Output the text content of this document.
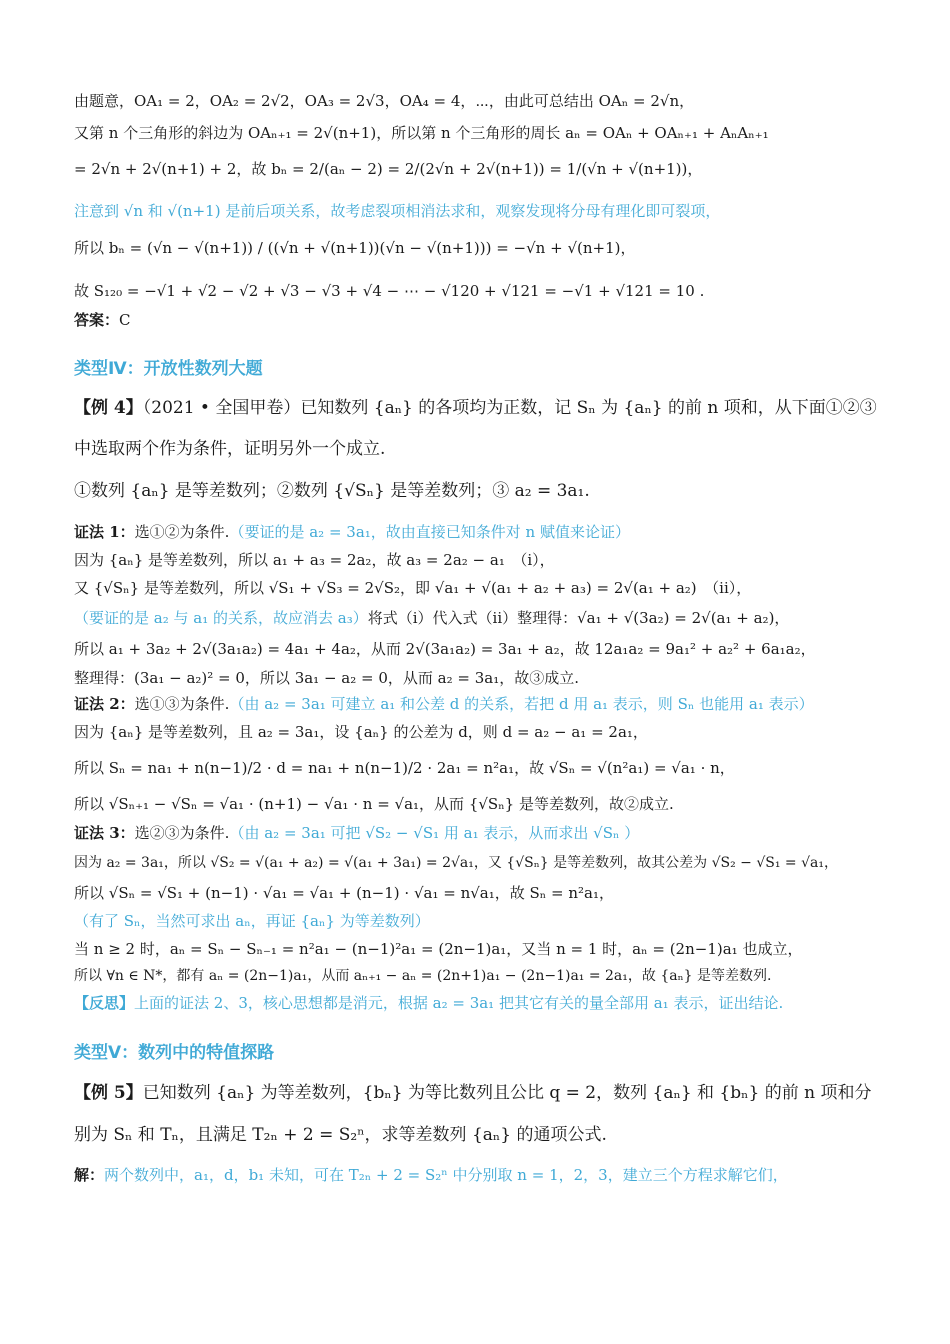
由题意，OA₁ = 2，OA₂ = 2√2，OA₃ = 2√3，OA₄ = 4，⋯，由此可总结出 OAₙ = 2√n，
又第 n 个三角形的斜边为 OAₙ₊₁ = 2√(n+1)，所以第 n 个三角形的周长 aₙ = OAₙ + OAₙ₊₁ + AₙAₙ₊₁
= 2√n + 2√(n+1) + 2，故 bₙ = 2/(aₙ − 2) = 2/(2√n + 2√(n+1)) = 1/(√n + √(n+1))，
注意到 √n 和 √(n+1) 是前后项关系，故考虑裂项相消法求和，观察发现将分母有理化即可裂项，
所以 bₙ = (√n − √(n+1)) / ((√n + √(n+1))(√n − √(n+1))) = −√n + √(n+1)，
故 S₁₂₀ = −√1 + √2 − √2 + √3 − √3 + √4 − ⋯ − √120 + √121 = −√1 + √121 = 10 .
答案：C
类型Ⅳ：开放性数列大题
【例 4】（2021 • 全国甲卷）已知数列 {aₙ} 的各项均为正数，记 Sₙ 为 {aₙ} 的前 n 项和，从下面①②③
中选取两个作为条件，证明另外一个成立.
①数列 {aₙ} 是等差数列；②数列 {√Sₙ} 是等差数列；③ a₂ = 3a₁.
证法 1：选①②为条件.（要证的是 a₂ = 3a₁，故由直接已知条件对 n 赋值来论证）
因为 {aₙ} 是等差数列，所以 a₁ + a₃ = 2a₂，故 a₃ = 2a₂ − a₁　（i），
又 {√Sₙ} 是等差数列，所以 √S₁ + √S₃ = 2√S₂，即 √a₁ + √(a₁ + a₂ + a₃) = 2√(a₁ + a₂)　（ii），
（要证的是 a₂ 与 a₁ 的关系，故应消去 a₃）将式（i）代入式（ii）整理得：√a₁ + √(3a₂) = 2√(a₁ + a₂)，
所以 a₁ + 3a₂ + 2√(3a₁a₂) = 4a₁ + 4a₂，从而 2√(3a₁a₂) = 3a₁ + a₂，故 12a₁a₂ = 9a₁² + a₂² + 6a₁a₂，
整理得：(3a₁ − a₂)² = 0，所以 3a₁ − a₂ = 0，从而 a₂ = 3a₁，故③成立.
证法 2：选①③为条件.（由 a₂ = 3a₁ 可建立 a₁ 和公差 d 的关系，若把 d 用 a₁ 表示，则 Sₙ 也能用 a₁ 表示）
因为 {aₙ} 是等差数列，且 a₂ = 3a₁，设 {aₙ} 的公差为 d，则 d = a₂ − a₁ = 2a₁，
所以 Sₙ = na₁ + n(n−1)/2 · d = na₁ + n(n−1)/2 · 2a₁ = n²a₁，故 √Sₙ = √(n²a₁) = √a₁ · n，
所以 √Sₙ₊₁ − √Sₙ = √a₁ · (n+1) − √a₁ · n = √a₁，从而 {√Sₙ} 是等差数列，故②成立.
证法 3：选②③为条件.（由 a₂ = 3a₁ 可把 √S₂ − √S₁ 用 a₁ 表示，从而求出 √Sₙ ）
因为 a₂ = 3a₁，所以 √S₂ = √(a₁ + a₂) = √(a₁ + 3a₁) = 2√a₁，又 {√Sₙ} 是等差数列，故其公差为 √S₂ − √S₁ = √a₁，
所以 √Sₙ = √S₁ + (n−1) · √a₁ = √a₁ + (n−1) · √a₁ = n√a₁，故 Sₙ = n²a₁，
（有了 Sₙ，当然可求出 aₙ，再证 {aₙ} 为等差数列）
当 n ≥ 2 时，aₙ = Sₙ − Sₙ₋₁ = n²a₁ − (n−1)²a₁ = (2n−1)a₁，又当 n = 1 时，aₙ = (2n−1)a₁ 也成立，
所以 ∀n ∈ N*，都有 aₙ = (2n−1)a₁，从而 aₙ₊₁ − aₙ = (2n+1)a₁ − (2n−1)a₁ = 2a₁，故 {aₙ} 是等差数列.
【反思】上面的证法 2、3，核心思想都是消元，根据 a₂ = 3a₁ 把其它有关的量全部用 a₁ 表示，证出结论.
类型Ⅴ：数列中的特值探路
【例 5】已知数列 {aₙ} 为等差数列，{bₙ} 为等比数列且公比 q = 2，数列 {aₙ} 和 {bₙ} 的前 n 项和分
别为 Sₙ 和 Tₙ，且满足 T₂ₙ + 2 = S₂ⁿ，求等差数列 {aₙ} 的通项公式.
解：两个数列中，a₁，d，b₁ 未知，可在 T₂ₙ + 2 = S₂ⁿ 中分别取 n = 1，2，3，建立三个方程求解它们，
